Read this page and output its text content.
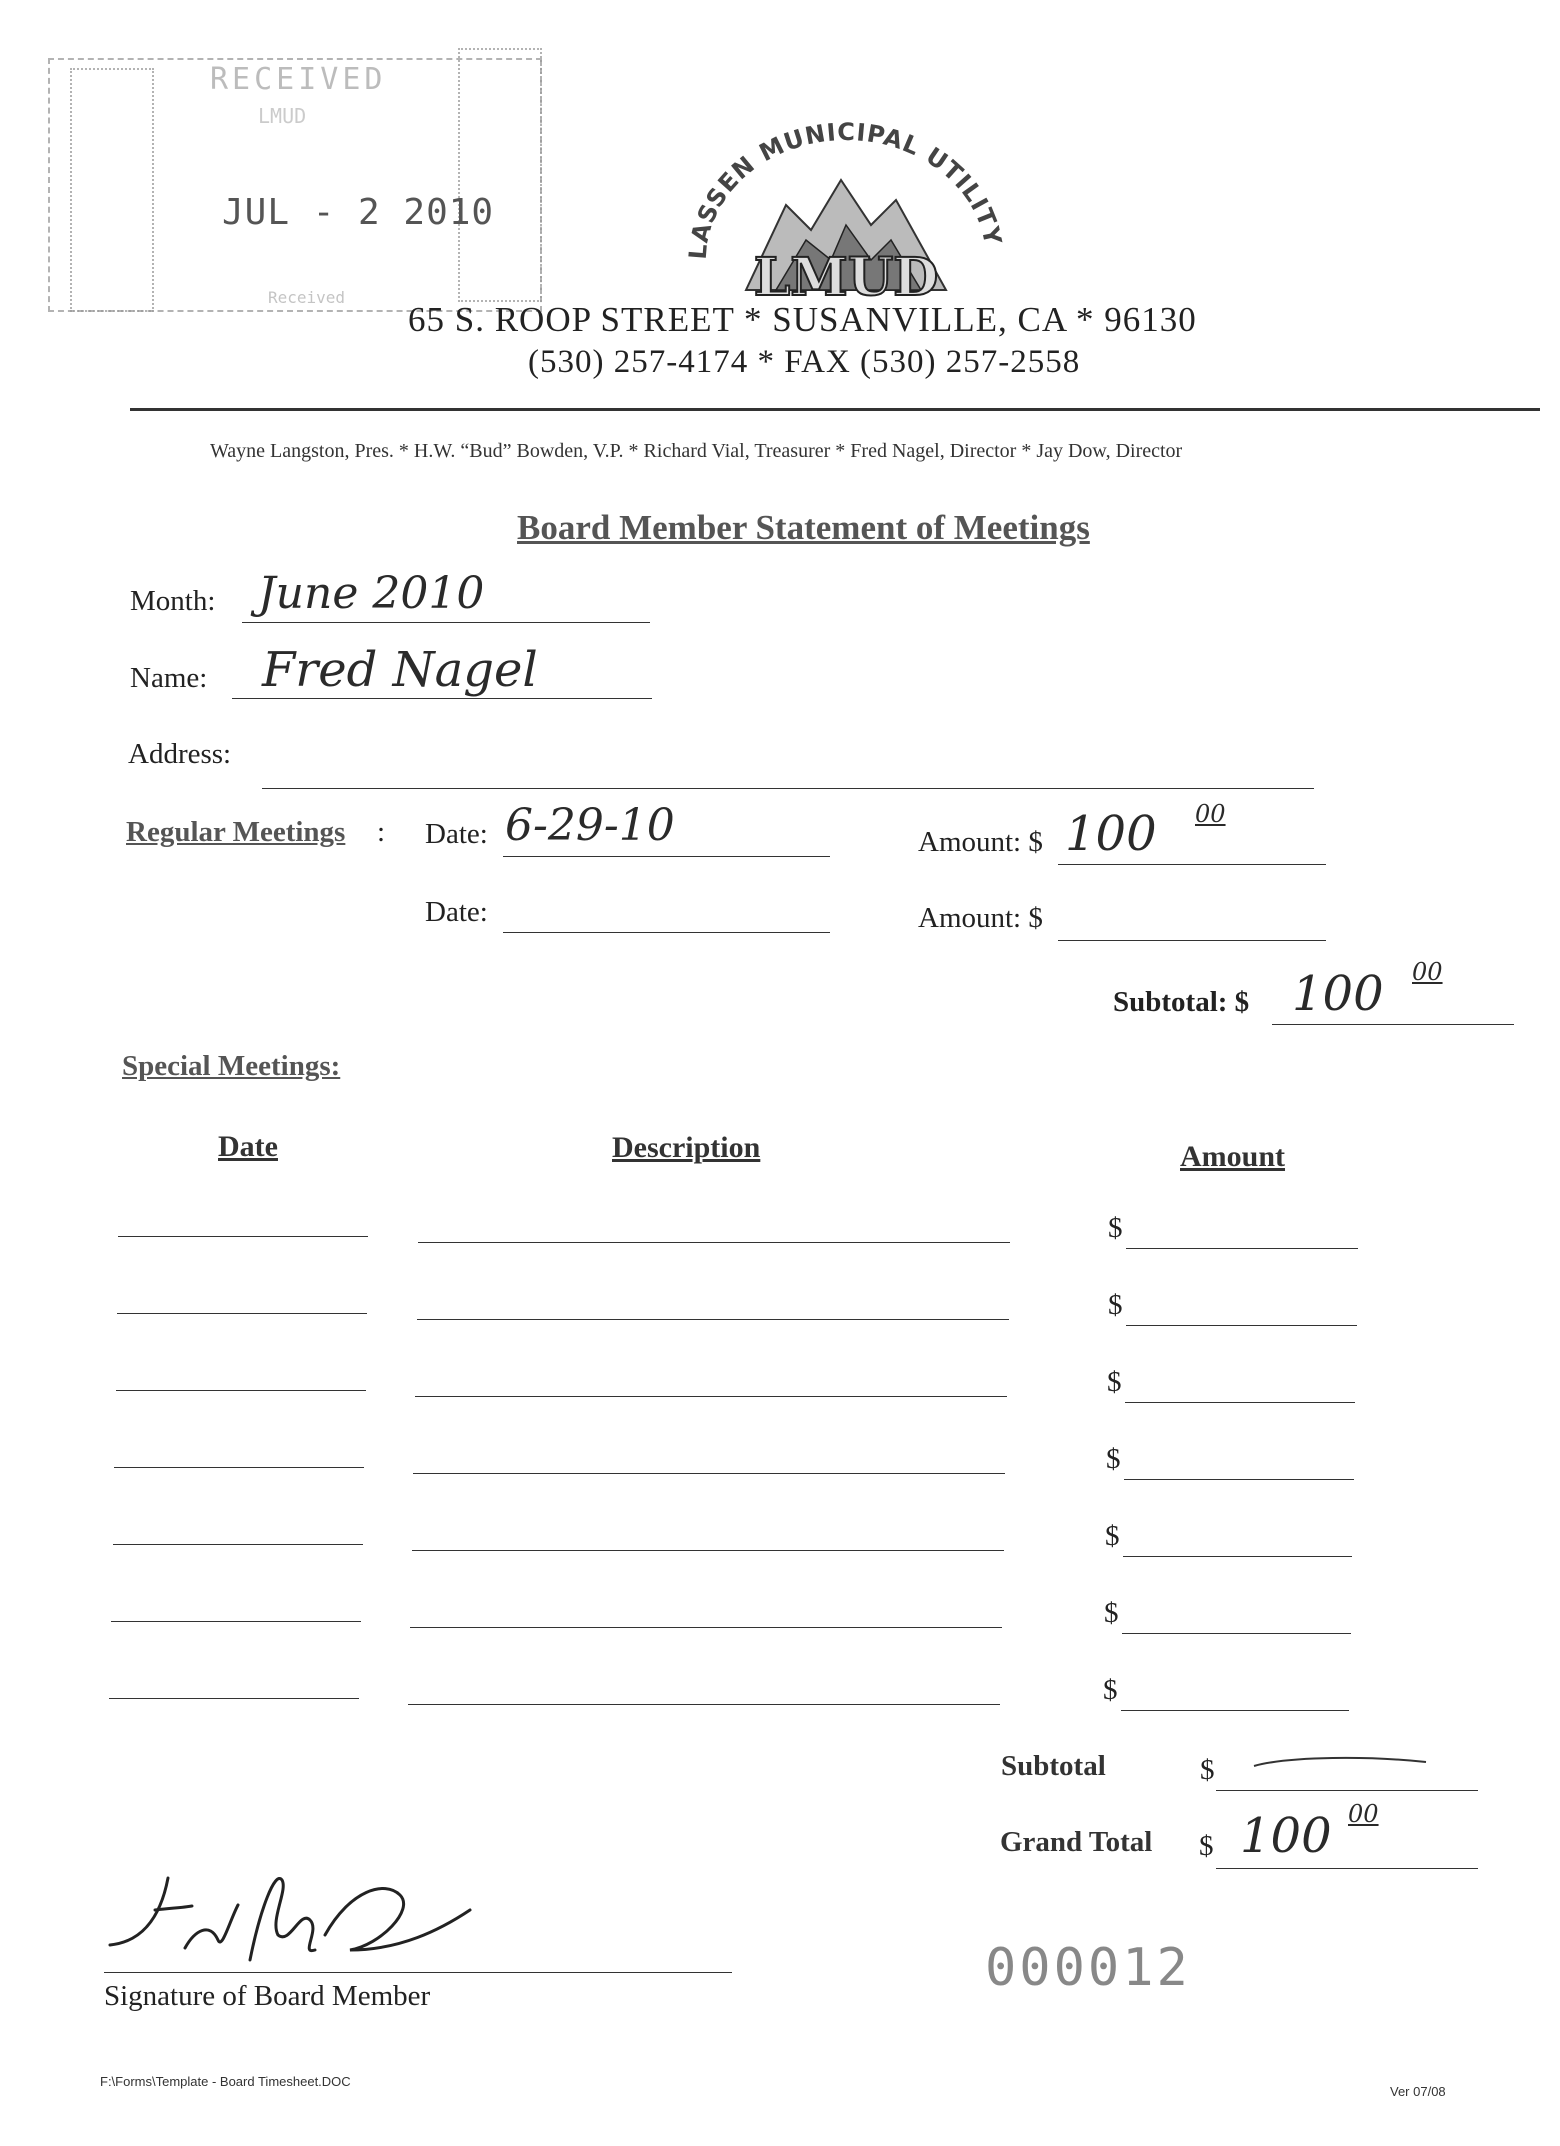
RECEIVED
LMUD
JUL - 2 2010
Received
LASSEN MUNICIPAL UTILITY
LMUD
65 S. ROOP STREET * SUSANVILLE, CA * 96130
(530) 257-4174 * FAX (530) 257-2558
Wayne Langston, Pres. * H.W. “Bud” Bowden, V.P. * Richard Vial, Treasurer * Fred Nagel, Director * Jay Dow, Director
Board Member Statement of Meetings
Month: June 2010
Name: Fred Nagel
Address:
Regular Meetings : Date: 6-29-10	Amount: $ 100 00
Date:	Amount: $
Subtotal: $ 100 00
Special Meetings:
Date	Description	Amount
$
$
$
$
$
$
$
Subtotal	$
Grand Total $ 100 00
Signature of Board Member	000012
F:\Forms\Template - Board Timesheet.DOC
Ver 07/08
